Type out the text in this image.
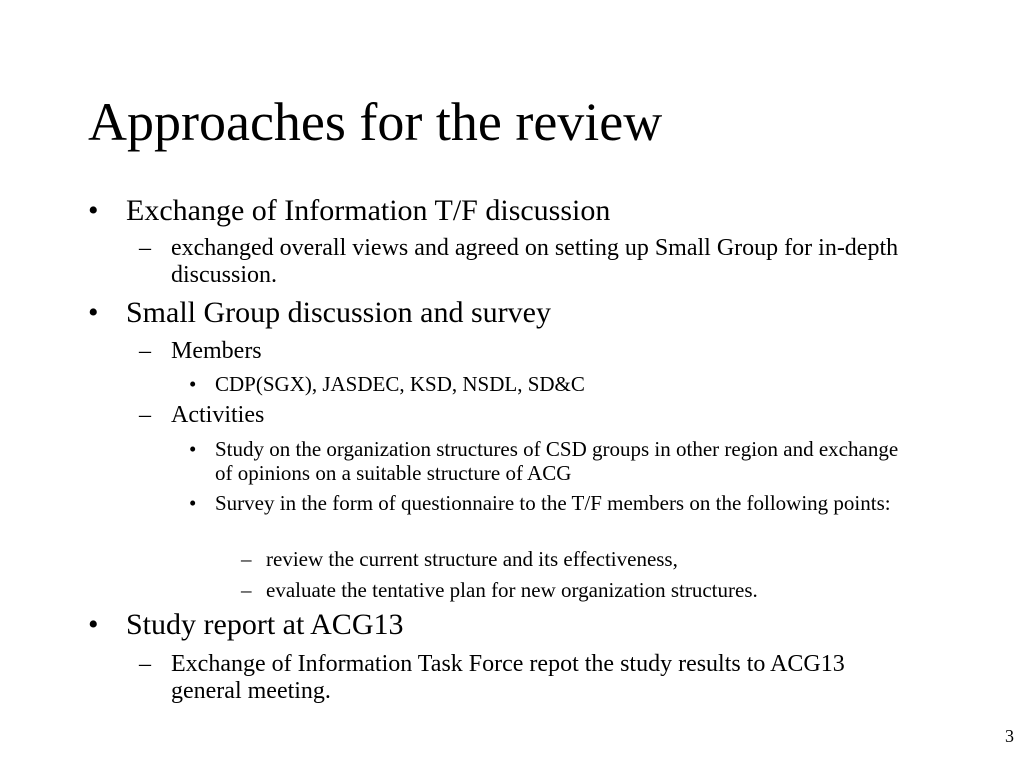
Approaches for the review
• Exchange of Information T/F discussion
– exchanged overall views and agreed on setting up Small Group for in-depth discussion.
• Small Group discussion and survey
– Members
• CDP(SGX), JASDEC, KSD, NSDL, SD&C
– Activities
• Study on the organization structures of CSD groups in other region and exchange of opinions on a suitable structure of ACG
• Survey in the form of questionnaire to the T/F members on the following points:
– review the current structure and its effectiveness,
– evaluate the tentative plan for new organization structures.
• Study report at ACG13
– Exchange of Information Task Force repot the study results to ACG13 general meeting.
3
